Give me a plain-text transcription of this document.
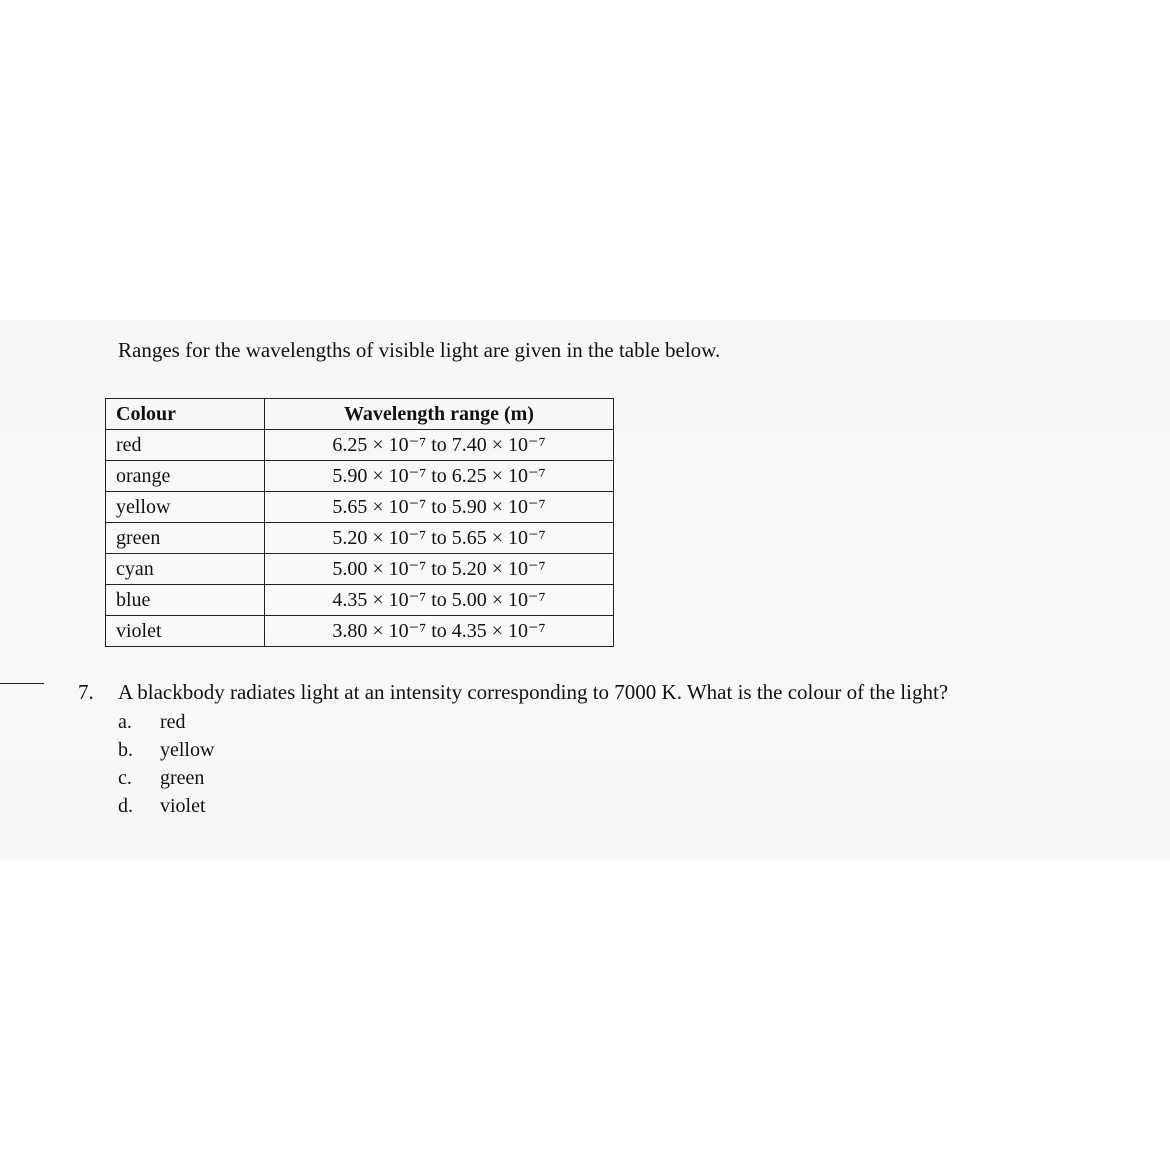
Ranges for the wavelengths of visible light are given in the table below.
Colour	Wavelength range (m)
red	6.25 × 10⁻⁷ to 7.40 × 10⁻⁷
orange	5.90 × 10⁻⁷ to 6.25 × 10⁻⁷
yellow	5.65 × 10⁻⁷ to 5.90 × 10⁻⁷
green	5.20 × 10⁻⁷ to 5.65 × 10⁻⁷
cyan	5.00 × 10⁻⁷ to 5.20 × 10⁻⁷
blue	4.35 × 10⁻⁷ to 5.00 × 10⁻⁷
violet	3.80 × 10⁻⁷ to 4.35 × 10⁻⁷
7. A blackbody radiates light at an intensity corresponding to 7000 K. What is the colour of the light?
a. red
b. yellow
c. green
d. violet
